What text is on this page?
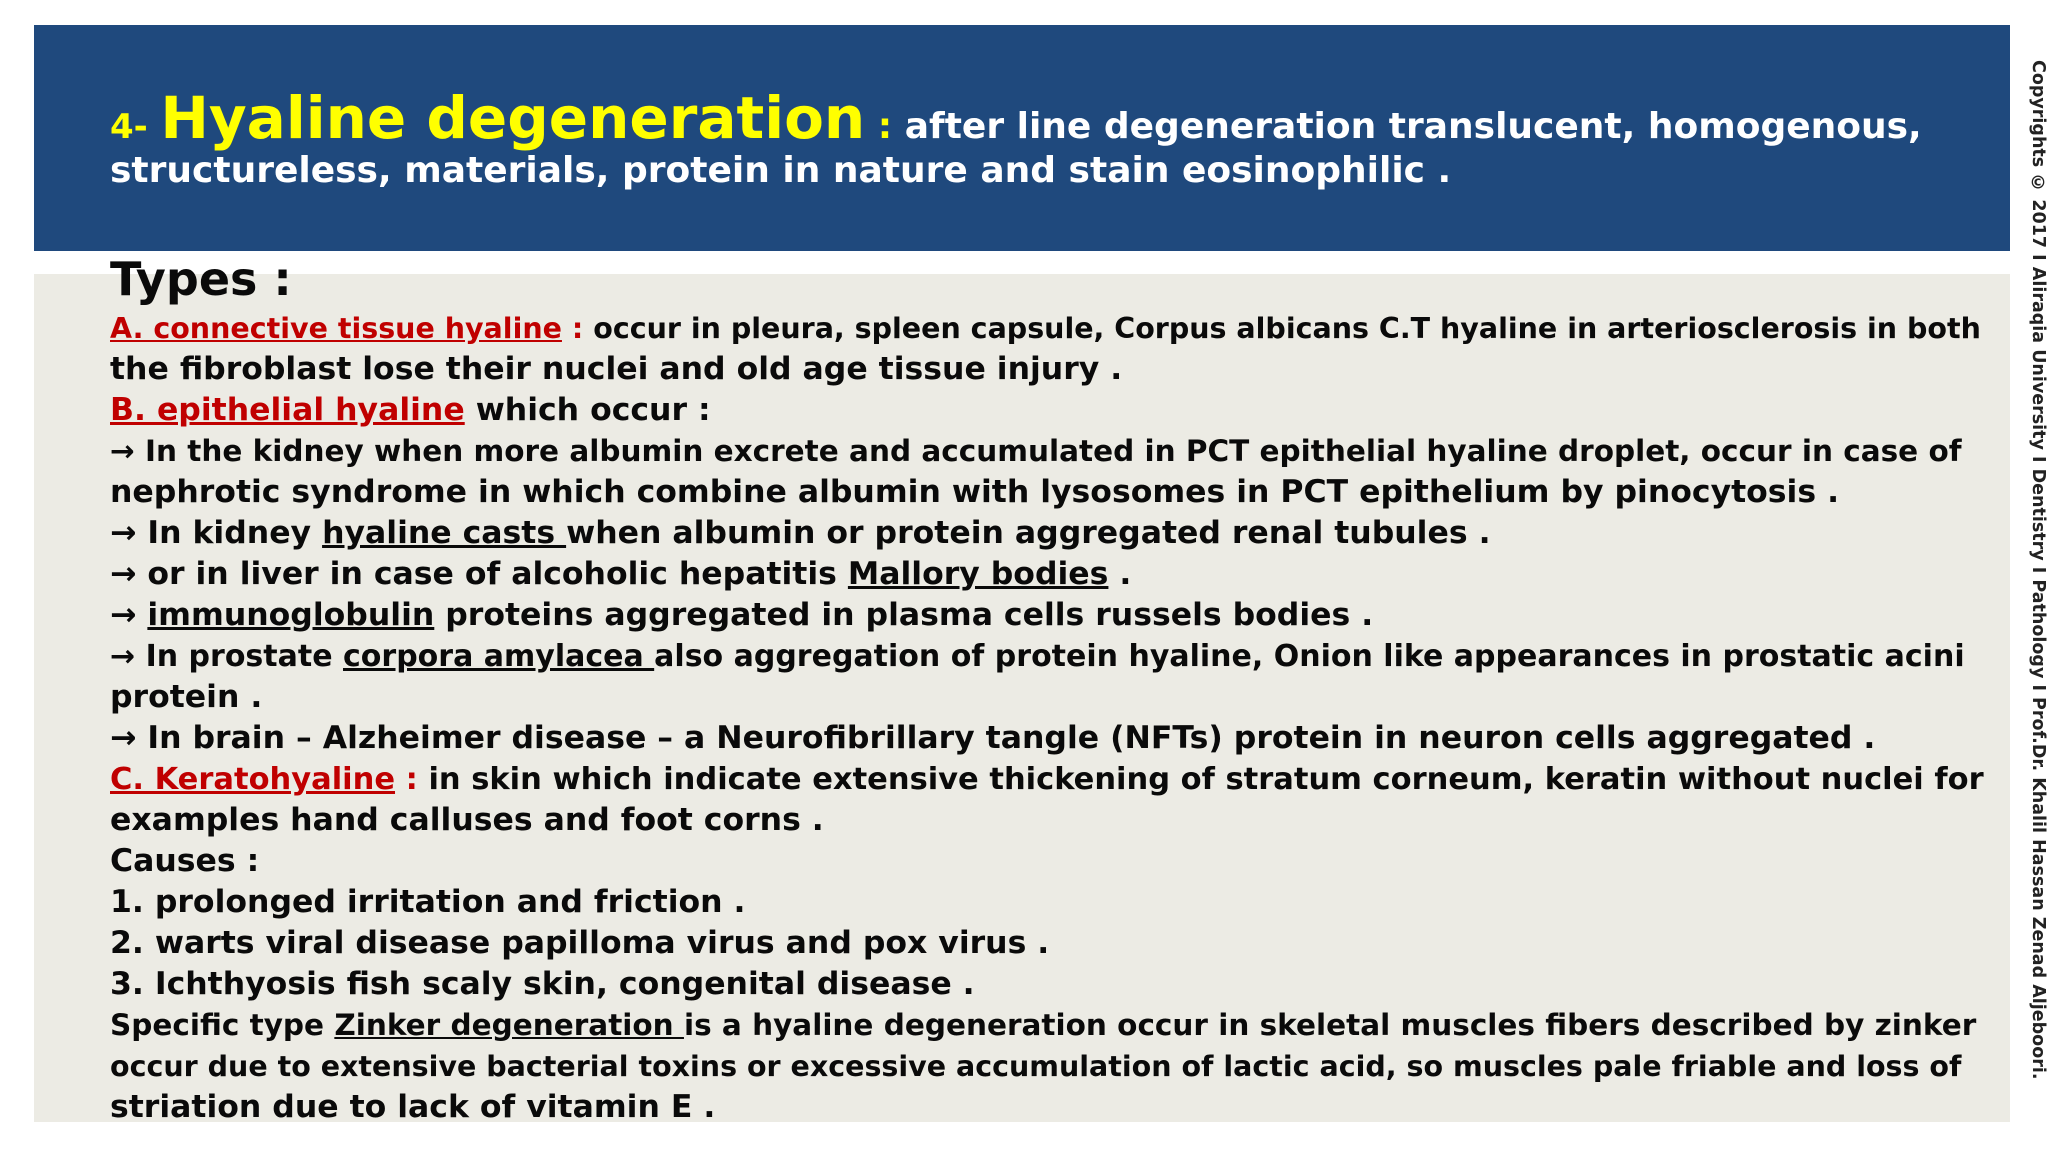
4- Hyaline degeneration : after line degeneration translucent, homogenous,
structureless, materials, protein in nature and stain eosinophilic .
Types :
A. connective tissue hyaline : occur in pleura, spleen capsule, Corpus albicans C.T hyaline in arteriosclerosis in both
the fibroblast lose their nuclei and old age tissue injury .
B. epithelial hyaline which occur :
→ In the kidney when more albumin excrete and accumulated in PCT epithelial hyaline droplet, occur in case of
nephrotic syndrome in which combine albumin with lysosomes in PCT epithelium by pinocytosis .
→ In kidney hyaline casts when albumin or protein aggregated renal tubules .
→ or in liver in case of alcoholic hepatitis Mallory bodies .
→ immunoglobulin proteins aggregated in plasma cells russels bodies .
→ In prostate corpora amylacea also aggregation of protein hyaline, Onion like appearances in prostatic acini
protein .
→ In brain – Alzheimer disease – a Neurofibrillary tangle (NFTs) protein in neuron cells aggregated .
C. Keratohyaline : in skin which indicate extensive thickening of stratum corneum, keratin without nuclei for
examples hand calluses and foot corns .
Causes :
1. prolonged irritation and friction .
2. warts viral disease papilloma virus and pox virus .
3. Ichthyosis fish scaly skin, congenital disease .
Specific type Zinker degeneration is a hyaline degeneration occur in skeletal muscles fibers described by zinker
occur due to extensive bacterial toxins or excessive accumulation of lactic acid, so muscles pale friable and loss of
striation due to lack of vitamin E .
Copyrights © 2017 I Aliraqia University I Dentistry I Pathology I Prof.Dr. Khalil Hassan Zenad Aljeboori.
